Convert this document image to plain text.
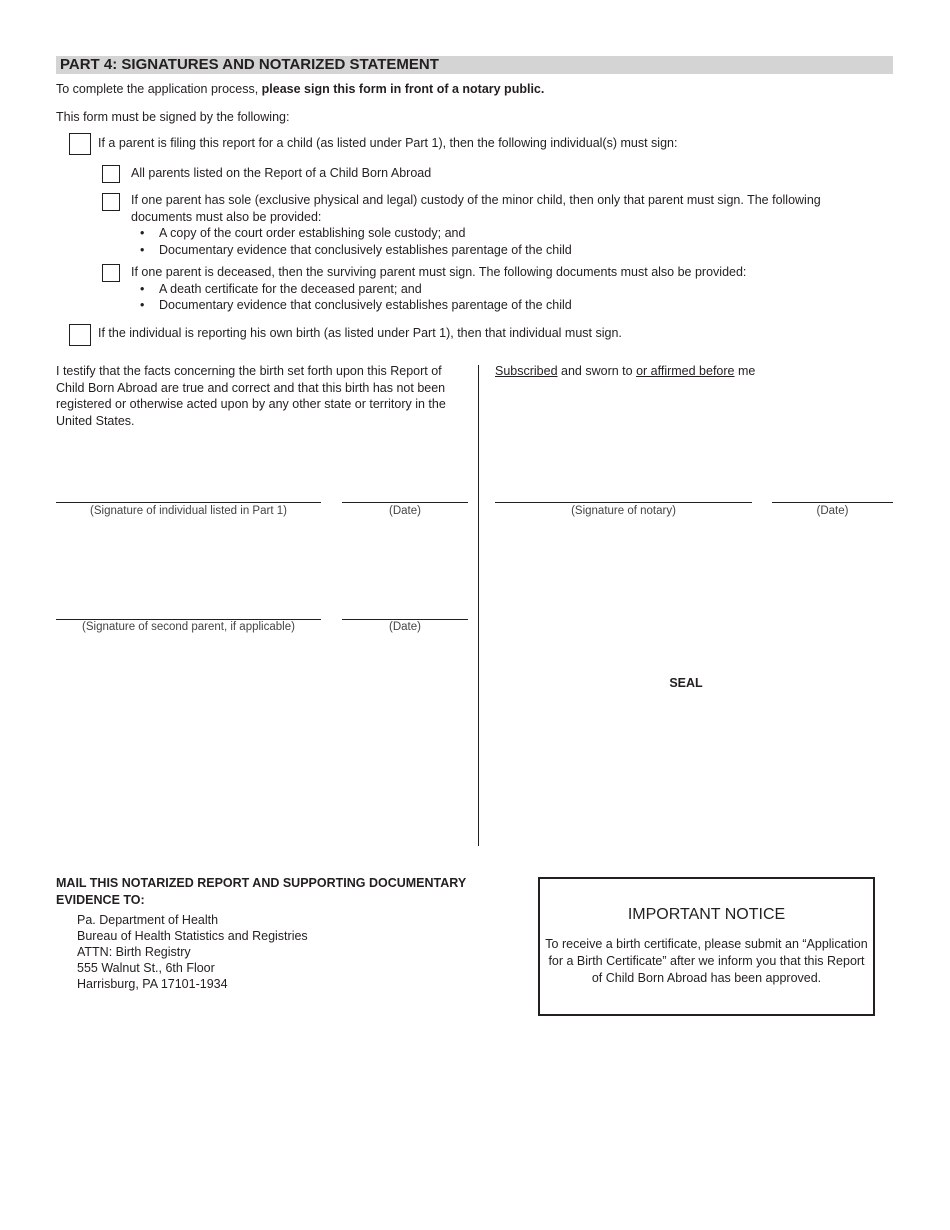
PART 4: SIGNATURES AND NOTARIZED STATEMENT
To complete the application process, please sign this form in front of a notary public.
This form must be signed by the following:
If a parent is filing this report for a child (as listed under Part 1), then the following individual(s) must sign:
All parents listed on the Report of a Child Born Abroad
If one parent has sole (exclusive physical and legal) custody of the minor child, then only that parent must sign. The following documents must also be provided:
• A copy of the court order establishing sole custody; and
• Documentary evidence that conclusively establishes parentage of the child
If one parent is deceased, then the surviving parent must sign. The following documents must also be provided:
• A death certificate for the deceased parent; and
• Documentary evidence that conclusively establishes parentage of the child
If the individual is reporting his own birth (as listed under Part 1), then that individual must sign.
I testify that the facts concerning the birth set forth upon this Report of Child Born Abroad are true and correct and that this birth has not been registered or otherwise acted upon by any other state or territory in the United States.
Subscribed and sworn to or affirmed before me
(Signature of individual listed in Part 1)	(Date)	(Signature of notary)	(Date)
(Signature of second parent, if applicable)	(Date)
SEAL
MAIL THIS NOTARIZED REPORT AND SUPPORTING DOCUMENTARY EVIDENCE TO:
Pa. Department of Health
Bureau of Health Statistics and Registries
ATTN: Birth Registry
555 Walnut St., 6th Floor
Harrisburg, PA 17101-1934
IMPORTANT NOTICE
To receive a birth certificate, please submit an “Application for a Birth Certificate” after we inform you that this Report of Child Born Abroad has been approved.
